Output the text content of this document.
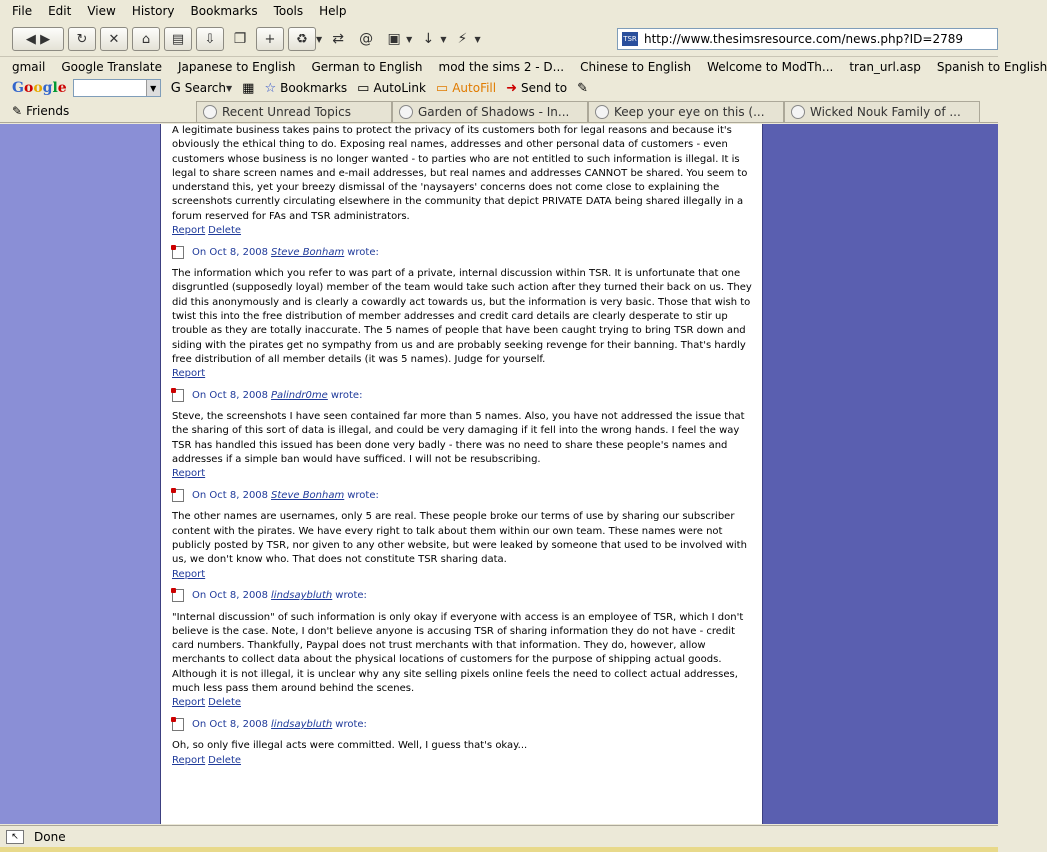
File	Edit	View	History	Bookmarks	Tools	Help
◀
▶ ↻ ✕ ⌂ ▤ ⇩ ❐ + ♻ ▼ ⇄ @ ▣ ▼ ↓ ▼ ⚡ ▼	TSR http://www.thesimsresource.com/news.php?ID=2789
gmail Google Translate Japanese to English German to English mod the sims 2 - D... Chinese to English Welcome to ModTh... tran_url.asp Spanish to English
Google	▼ G Search ▼ ▦ ☆ Bookmarks ▭ AutoLink ▭ AutoFill ➜ Send to ✎
✎ Friends	Recent Unread Topics	Garden of Shadows - In...	Keep your eye on this (...	Wicked Nouk Family of ...
A legitimate business takes pains to protect the privacy of its customers both for legal reasons and because it's obviously the ethical thing to do. Exposing real names, addresses and other personal data of customers - even customers whose business is no longer wanted - to parties who are not entitled to such information is illegal. It is legal to share screen names and e-mail addresses, but real names and addresses CANNOT be shared. You seem to understand this, yet your breezy dismissal of the 'naysayers' concerns does not come close to explaining the screenshots currently circulating elsewhere in the community that depict PRIVATE DATA being shared illegally in a forum reserved for FAs and TSR administrators.
Report Delete
On Oct 8, 2008 Steve Bonham wrote:
The information which you refer to was part of a private, internal discussion within TSR. It is unfortunate that one disgruntled (supposedly loyal) member of the team would take such action after they turned their back on us. They did this anonymously and is clearly a cowardly act towards us, but the information is very basic. Those that wish to twist this into the free distribution of member addresses and credit card details are clearly desperate to stir up trouble as they are totally inaccurate. The 5 names of people that have been caught trying to bring TSR down and siding with the pirates get no sympathy from us and are probably seeking revenge for their banning. That's hardly free distribution of all member details (it was 5 names). Judge for yourself.
Report
On Oct 8, 2008 Palindr0me wrote:
Steve, the screenshots I have seen contained far more than 5 names. Also, you have not addressed the issue that the sharing of this sort of data is illegal, and could be very damaging if it fell into the wrong hands. I feel the way TSR has handled this issued has been done very badly - there was no need to share these people's names and addresses if a simple ban would have sufficed. I will not be resubscribing.
Report
On Oct 8, 2008 Steve Bonham wrote:
The other names are usernames, only 5 are real. These people broke our terms of use by sharing our subscriber content with the pirates. We have every right to talk about them within our own team. These names were not publicly posted by TSR, nor given to any other website, but were leaked by someone that used to be involved with us, we don't know who. That does not constitute TSR sharing data.
Report
On Oct 8, 2008 lindsaybluth wrote:
"Internal discussion" of such information is only okay if everyone with access is an employee of TSR, which I don't believe is the case. Note, I don't believe anyone is accusing TSR of sharing information they do not have - credit card numbers. Thankfully, Paypal does not trust merchants with that information. They do, however, allow merchants to collect data about the physical locations of customers for the purpose of shipping actual goods. Although it is not illegal, it is unclear why any site selling pixels online feels the need to collect actual addresses, much less pass them around behind the scenes.
Report Delete
On Oct 8, 2008 lindsaybluth wrote:
Oh, so only five illegal acts were committed. Well, I guess that's okay...
Report Delete
↖	Done
